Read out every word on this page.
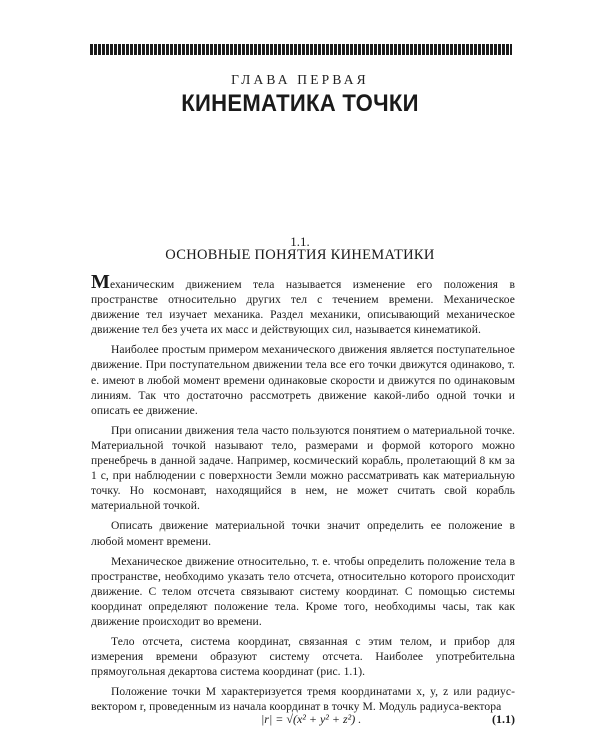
ГЛАВА ПЕРВАЯ
КИНЕМАТИКА ТОЧКИ
1.1.
ОСНОВНЫЕ ПОНЯТИЯ КИНЕМАТИКИ

Механическим движением тела называется изменение его положения в пространстве относительно других тел с течением времени. Механическое движение тел изучает механика. Раздел механики, описывающий механическое движение тел без учета их масс и действующих сил, называется кинематикой.

Наиболее простым примером механического движения является поступательное движение. При поступательном движении тела все его точки движутся одинаково, т. е. имеют в любой момент времени одинаковые скорости и движутся по одинаковым линиям. Так что достаточно рассмотреть движение какой-либо одной точки и описать ее движение.

При описании движения тела часто пользуются понятием о материальной точке. Материальной точкой называют тело, размерами и формой которого можно пренебречь в данной задаче. Например, космический корабль, пролетающий 8 км за 1 с, при наблюдении с поверхности Земли можно рассматривать как материальную точку. Но космонавт, находящийся в нем, не может считать свой корабль материальной точкой.

Описать движение материальной точки значит определить ее положение в любой момент времени.

Механическое движение относительно, т. е. чтобы определить положение тела в пространстве, необходимо указать тело отсчета, относительно которого происходит движение. С телом отсчета связывают систему координат. С помощью системы координат определяют положение тела. Кроме того, необходимы часы, так как движение происходит во времени.

Тело отсчета, система координат, связанная с этим телом, и прибор для измерения времени образуют систему отсчета. Наиболее употребительна прямоугольная декартова система координат (рис. 1.1).

Положение точки M характеризуется тремя координатами x, y, z или радиус-вектором r, проведенным из начала координат в точку M. Модуль радиуса-вектора

|r| = √(x² + y² + z²) .	(1.1)
